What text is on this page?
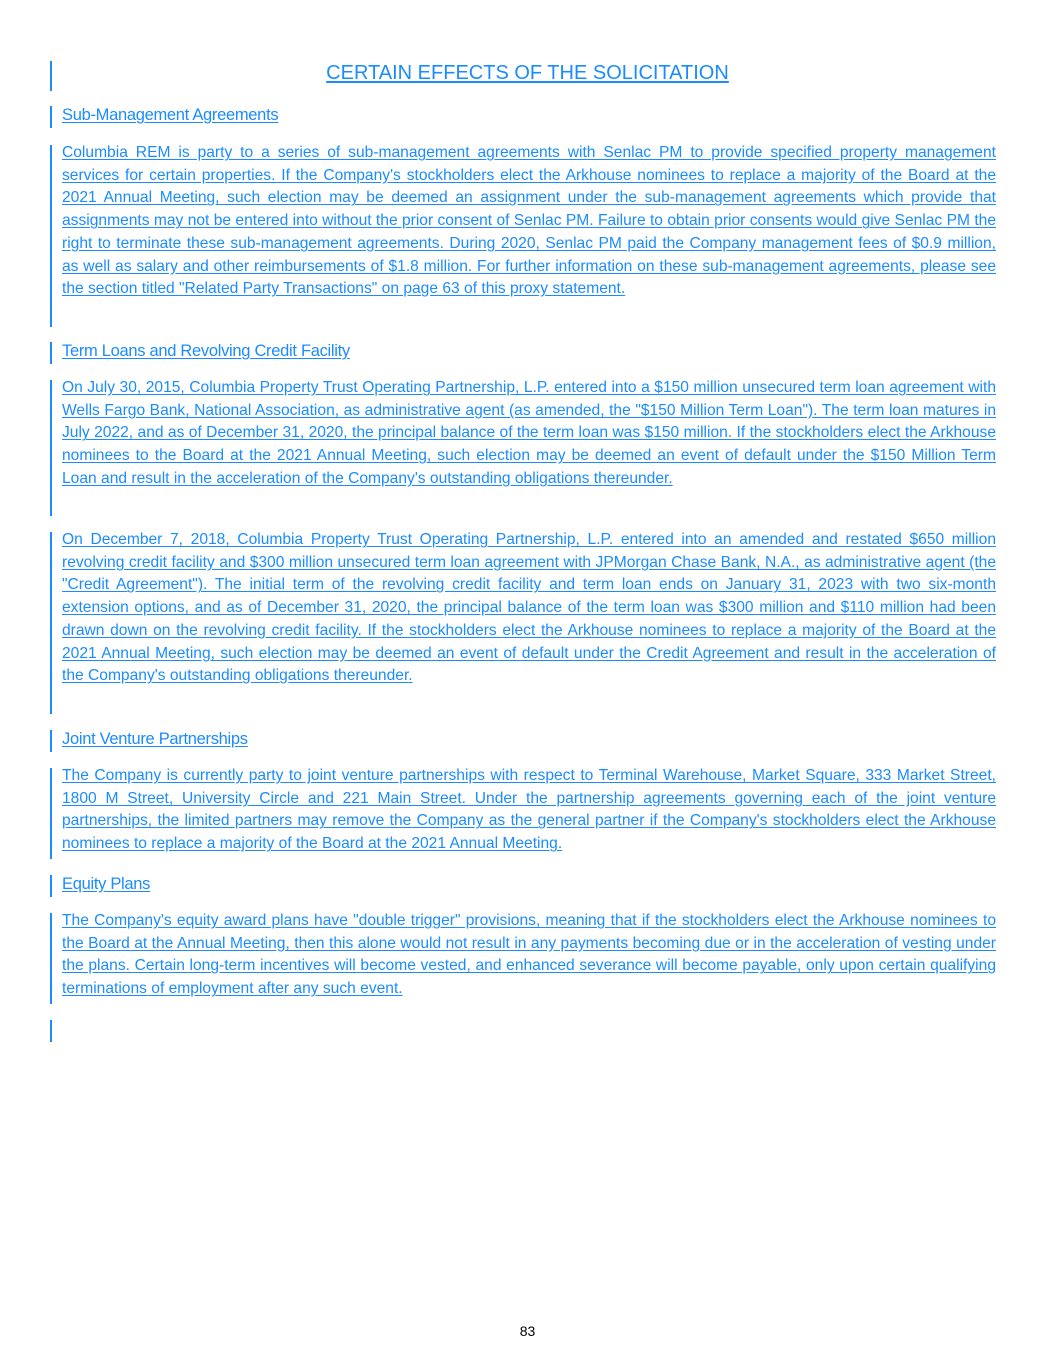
CERTAIN EFFECTS OF THE SOLICITATION
Sub-Management Agreements

Columbia REM is party to a series of sub-management agreements with Senlac PM to provide specified property management services for certain properties. If the Company's stockholders elect the Arkhouse nominees to replace a majority of the Board at the 2021 Annual Meeting, such election may be deemed an assignment under the sub-management agreements which provide that assignments may not be entered into without the prior consent of Senlac PM. Failure to obtain prior consents would give Senlac PM the right to terminate these sub-management agreements. During 2020, Senlac PM paid the Company management fees of $0.9 million, as well as salary and other reimbursements of $1.8 million. For further information on these sub-management agreements, please see the section titled "Related Party Transactions" on page 63 of this proxy statement.

Term Loans and Revolving Credit Facility

On July 30, 2015, Columbia Property Trust Operating Partnership, L.P. entered into a $150 million unsecured term loan agreement with Wells Fargo Bank, National Association, as administrative agent (as amended, the "$150 Million Term Loan"). The term loan matures in July 2022, and as of December 31, 2020, the principal balance of the term loan was $150 million. If the stockholders elect the Arkhouse nominees to the Board at the 2021 Annual Meeting, such election may be deemed an event of default under the $150 Million Term Loan and result in the acceleration of the Company's outstanding obligations thereunder.

On December 7, 2018, Columbia Property Trust Operating Partnership, L.P. entered into an amended and restated $650 million revolving credit facility and $300 million unsecured term loan agreement with JPMorgan Chase Bank, N.A., as administrative agent (the "Credit Agreement"). The initial term of the revolving credit facility and term loan ends on January 31, 2023 with two six-month extension options, and as of December 31, 2020, the principal balance of the term loan was $300 million and $110 million had been drawn down on the revolving credit facility. If the stockholders elect the Arkhouse nominees to replace a majority of the Board at the 2021 Annual Meeting, such election may be deemed an event of default under the Credit Agreement and result in the acceleration of the Company's outstanding obligations thereunder.

Joint Venture Partnerships

The Company is currently party to joint venture partnerships with respect to Terminal Warehouse, Market Square, 333 Market Street, 1800 M Street, University Circle and 221 Main Street. Under the partnership agreements governing each of the joint venture partnerships, the limited partners may remove the Company as the general partner if the Company's stockholders elect the Arkhouse nominees to replace a majority of the Board at the 2021 Annual Meeting.

Equity Plans

The Company's equity award plans have "double trigger" provisions, meaning that if the stockholders elect the Arkhouse nominees to the Board at the Annual Meeting, then this alone would not result in any payments becoming due or in the acceleration of vesting under the plans. Certain long-term incentives will become vested, and enhanced severance will become payable, only upon certain qualifying terminations of employment after any such event.

83
